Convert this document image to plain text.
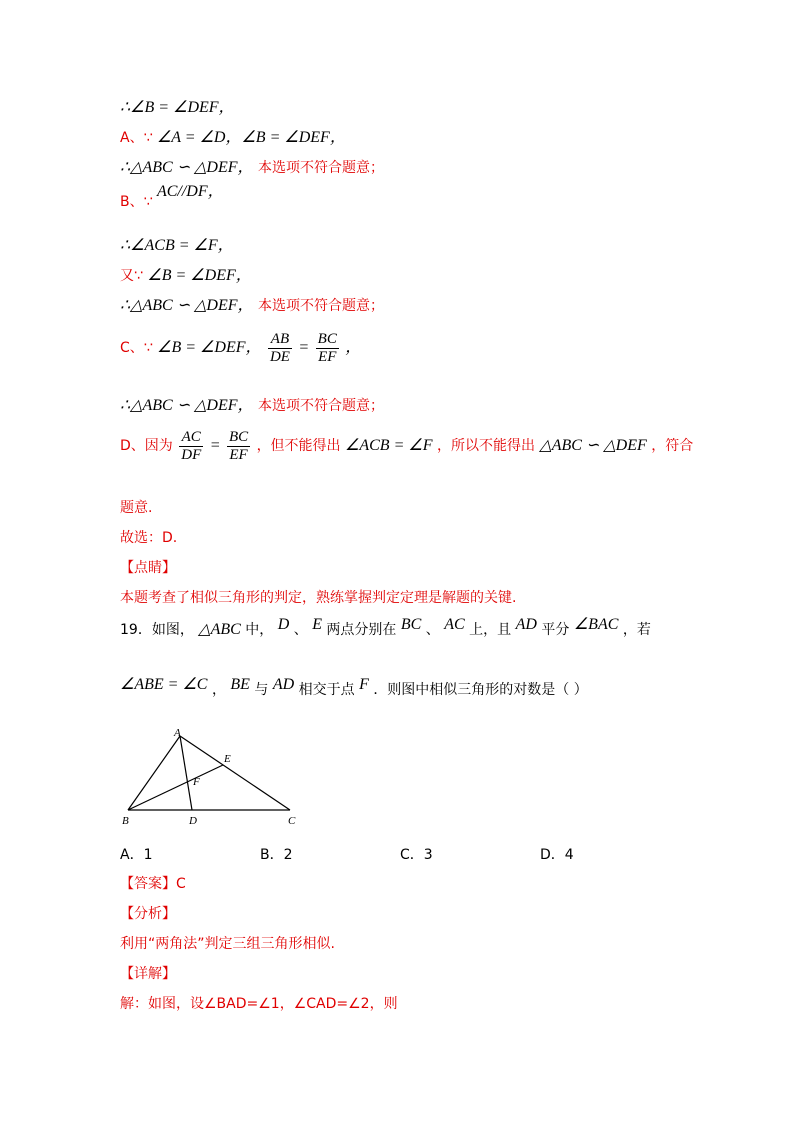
∴∠B = ∠DEF，
A、∵ ∠A = ∠D，∠B = ∠DEF，
∴△ABC ∽ △DEF， 本选项不符合题意；
B、∵ AC//DF，
∴∠ACB = ∠F，
又∵ ∠B = ∠DEF，
∴△ABC ∽ △DEF， 本选项不符合题意；
C、∵ ∠B = ∠DEF， $\frac{AB}{DE} = \frac{BC}{EF}$ ，
∴△ABC ∽ △DEF， 本选项不符合题意；
D、因为 $\frac{AC}{DF} = \frac{BC}{EF}$ ，但不能得出 ∠ACB = ∠F ，所以不能得出 △ABC ∽ △DEF ，符合
题意.
故选：D.
【点睛】
本题考查了相似三角形的判定，熟练掌握判定定理是解题的关键.
19．如图， △ABC 中， D 、 E 两点分别在 BC 、 AC 上，且 AD 平分 ∠BAC ，若
∠ABE = ∠C ， BE 与 AD 相交于点 F ．则图中相似三角形的对数是（ ）
A
B	C
D
E
F
A．1	B．2	C．3	D．4
【答案】C
【分析】
利用“两角法”判定三组三角形相似.
【详解】
解：如图，设∠BAD=∠1，∠CAD=∠2，则
